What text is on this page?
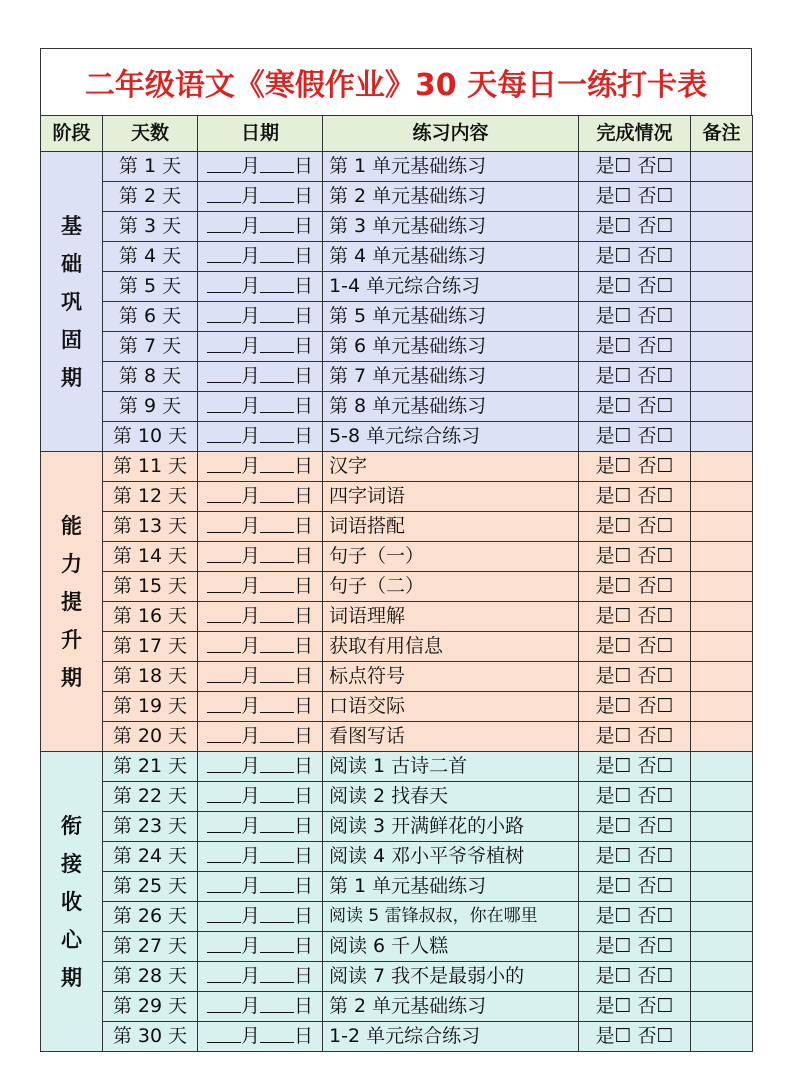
二年级语文《寒假作业》30 天每日一练打卡表
阶段	天数	日期	练习内容	完成情况	备注
基础巩固期	第 1 天	月 日	第 1 单元基础练习	是☐ 否☐	
	第 2 天	月 日	第 2 单元基础练习	是☐ 否☐	
	第 3 天	月 日	第 3 单元基础练习	是☐ 否☐	
	第 4 天	月 日	第 4 单元基础练习	是☐ 否☐	
	第 5 天	月 日	1-4 单元综合练习	是☐ 否☐	
	第 6 天	月 日	第 5 单元基础练习	是☐ 否☐	
	第 7 天	月 日	第 6 单元基础练习	是☐ 否☐	
	第 8 天	月 日	第 7 单元基础练习	是☐ 否☐	
	第 9 天	月 日	第 8 单元基础练习	是☐ 否☐	
	第 10 天	月 日	5-8 单元综合练习	是☐ 否☐	
能力提升期	第 11 天	月 日	汉字	是☐ 否☐	
	第 12 天	月 日	四字词语	是☐ 否☐	
	第 13 天	月 日	词语搭配	是☐ 否☐	
	第 14 天	月 日	句子（一）	是☐ 否☐	
	第 15 天	月 日	句子（二）	是☐ 否☐	
	第 16 天	月 日	词语理解	是☐ 否☐	
	第 17 天	月 日	获取有用信息	是☐ 否☐	
	第 18 天	月 日	标点符号	是☐ 否☐	
	第 19 天	月 日	口语交际	是☐ 否☐	
	第 20 天	月 日	看图写话	是☐ 否☐	
衔接收心期	第 21 天	月 日	阅读 1 古诗二首	是☐ 否☐	
	第 22 天	月 日	阅读 2 找春天	是☐ 否☐	
	第 23 天	月 日	阅读 3 开满鲜花的小路	是☐ 否☐	
	第 24 天	月 日	阅读 4 邓小平爷爷植树	是☐ 否☐	
	第 25 天	月 日	第 1 单元基础练习	是☐ 否☐	
	第 26 天	月 日	阅读 5 雷锋叔叔，你在哪里	是☐ 否☐	
	第 27 天	月 日	阅读 6 千人糕	是☐ 否☐	
	第 28 天	月 日	阅读 7 我不是最弱小的	是☐ 否☐	
	第 29 天	月 日	第 2 单元基础练习	是☐ 否☐	
	第 30 天	月 日	1-2 单元综合练习	是☐ 否☐	
